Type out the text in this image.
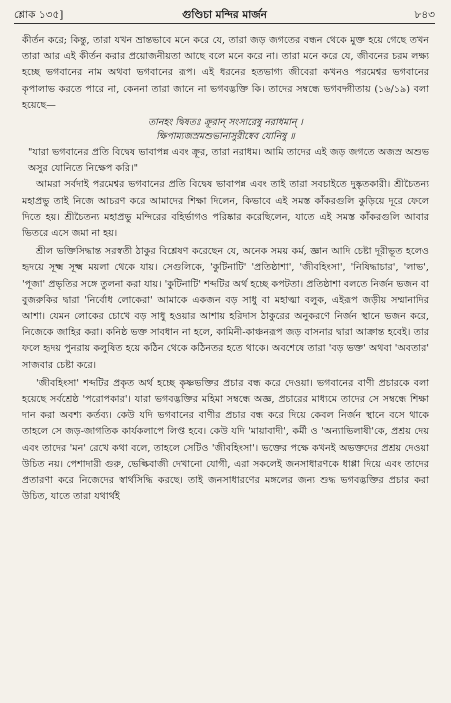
শ্লোক ১৩৫]	গুণ্ডিচা মন্দির মার্জন	৮৪৩

কীর্তন করে; কিন্তু, তারা যখন ভ্রান্তভাবে মনে করে যে, তারা জড় জগতের বন্ধন থেকে মুক্ত হয়ে গেছে তখন তারা আর এই কীর্তন করার প্রয়োজনীয়তা আছে বলে মনে করে না। তারা মনে করে যে, জীবনের চরম লক্ষ্য হচ্ছে ভগবানের নাম অথবা ভগবানের রূপ। এই ধরনের হতভাগ্য জীবেরা কখনও পরমেশ্বর ভগবানের কৃপালাভ করতে পারে না, কেননা তারা জানে না ভগবদ্ভক্তি কি। তাদের সম্বন্ধে ভগবদ্গীতায় (১৬/১৯) বলা হয়েছে—

তানহং দ্বিষতঃ ক্রূরান্ সংসারেষু নরাধমান্ ।
ক্ষিপাম্যজস্রমশুভানাসুরীষ্বেব যোনিষু ॥

"যারা ভগবানের প্রতি বিদ্বেষ ভাবাপন্ন এবং ক্রূর, তারা নরাধম। আমি তাদের এই জড় জগতে অজস্র অশুভ অসুর যোনিতে নিক্ষেপ করি।"

আমরা সর্বদাই পরমেশ্বর ভগবানের প্রতি বিদ্বেষ ভাবাপন্ন এবং তাই তারা সবচাইতে দুষ্কৃতকারী। শ্রীচৈতন্য মহাপ্রভু তাই নিজে আচরণ করে আমাদের শিক্ষা দিলেন, কিভাবে এই সমস্ত কাঁকরগুলি কুড়িয়ে দূরে ফেলে দিতে হয়। শ্রীচৈতন্য মহাপ্রভু মন্দিরের বহির্ভাগও পরিষ্কার করেছিলেন, যাতে এই সমস্ত কাঁকরগুলি আবার ভিতরে এসে জমা না হয়।

শ্রীল ভক্তিসিদ্ধান্ত সরস্বতী ঠাকুর বিশ্লেষণ করেছেন যে, অনেক সময় কর্ম, জ্ঞান আদি চেষ্টা দূরীভূত হলেও হৃদয়ে সূক্ষ্ম সূক্ষ্ম ময়লা থেকে যায়। সেগুলিকে, 'কুটিনাটি' 'প্রতিষ্ঠাশা', 'জীবহিংসা', 'নিষিদ্ধাচার', 'লাভ', 'পূজা' প্রভৃতির সঙ্গে তুলনা করা যায়। 'কুটিনাটি' শব্দটির অর্থ হচ্ছে কপটতা। প্রতিষ্ঠাশা বলতে নির্জন ভজন বা বুজরুকির দ্বারা 'নির্বোধ লোকেরা' আমাকে একজন বড় সাধু বা মহাত্মা বলুক, এইরূপ জড়ীয় সম্মানাদির আশা। যেমন লোকের চোখে বড় সাধু হওয়ার আশায় হরিদাস ঠাকুরের অনুকরণে নির্জন স্থানে ভজন করে, নিজেকে জাহির করা। কনিষ্ঠ ভক্ত সাবধান না হলে, কামিনী-কাঞ্চনরূপ জড় বাসনার দ্বারা আক্রান্ত হবেই। তার ফলে হৃদয় পুনরায় কলুষিত হয়ে কঠিন থেকে কঠিনতর হতে থাকে। অবশেষে তারা 'বড় ভক্ত' অথবা 'অবতার' সাজবার চেষ্টা করে।

'জীবহিংসা' শব্দটির প্রকৃত অর্থ হচ্ছে কৃষ্ণভক্তির প্রচার বন্ধ করে দেওয়া। ভগবানের বাণী প্রচারকে বলা হয়েছে সর্বশ্রেষ্ঠ 'পরোপকার'। যারা ভগবদ্ভক্তির মহিমা সম্বন্ধে অজ্ঞ, প্রচারের মাধ্যমে তাদের সে সম্বন্ধে শিক্ষা দান করা অবশ্য কর্তব্য। কেউ যদি ভগবানের বাণীর প্রচার বন্ধ করে দিয়ে কেবল নির্জন স্থানে বসে থাকে তাহলে সে জড়-জাগতিক কার্যকলাপে লিপ্ত হবে। কেউ যদি 'মায়াবাদী', কর্মী ও 'অন্যাভিলাষী'কে, প্রশ্রয় দেয় এবং তাদের 'মন' রেখে কথা বলে, তাহলে সেটিও 'জীবহিংসা'। ভক্তের পক্ষে কখনই অভক্তদের প্রশ্রয় দেওয়া উচিত নয়। পেশাদারী গুরু, ভেল্কিবাজী দেখানো যোগী, এরা সকলেই জনসাধারণকে ধাপ্পা দিয়ে এবং তাদের প্রতারণা করে নিজেদের স্বার্থসিদ্ধি করছে। তাই জনসাধারণের মঙ্গলের জন্য শুদ্ধ ভগবদ্ভক্তির প্রচার করা উচিত, যাতে তারা যথার্থই
